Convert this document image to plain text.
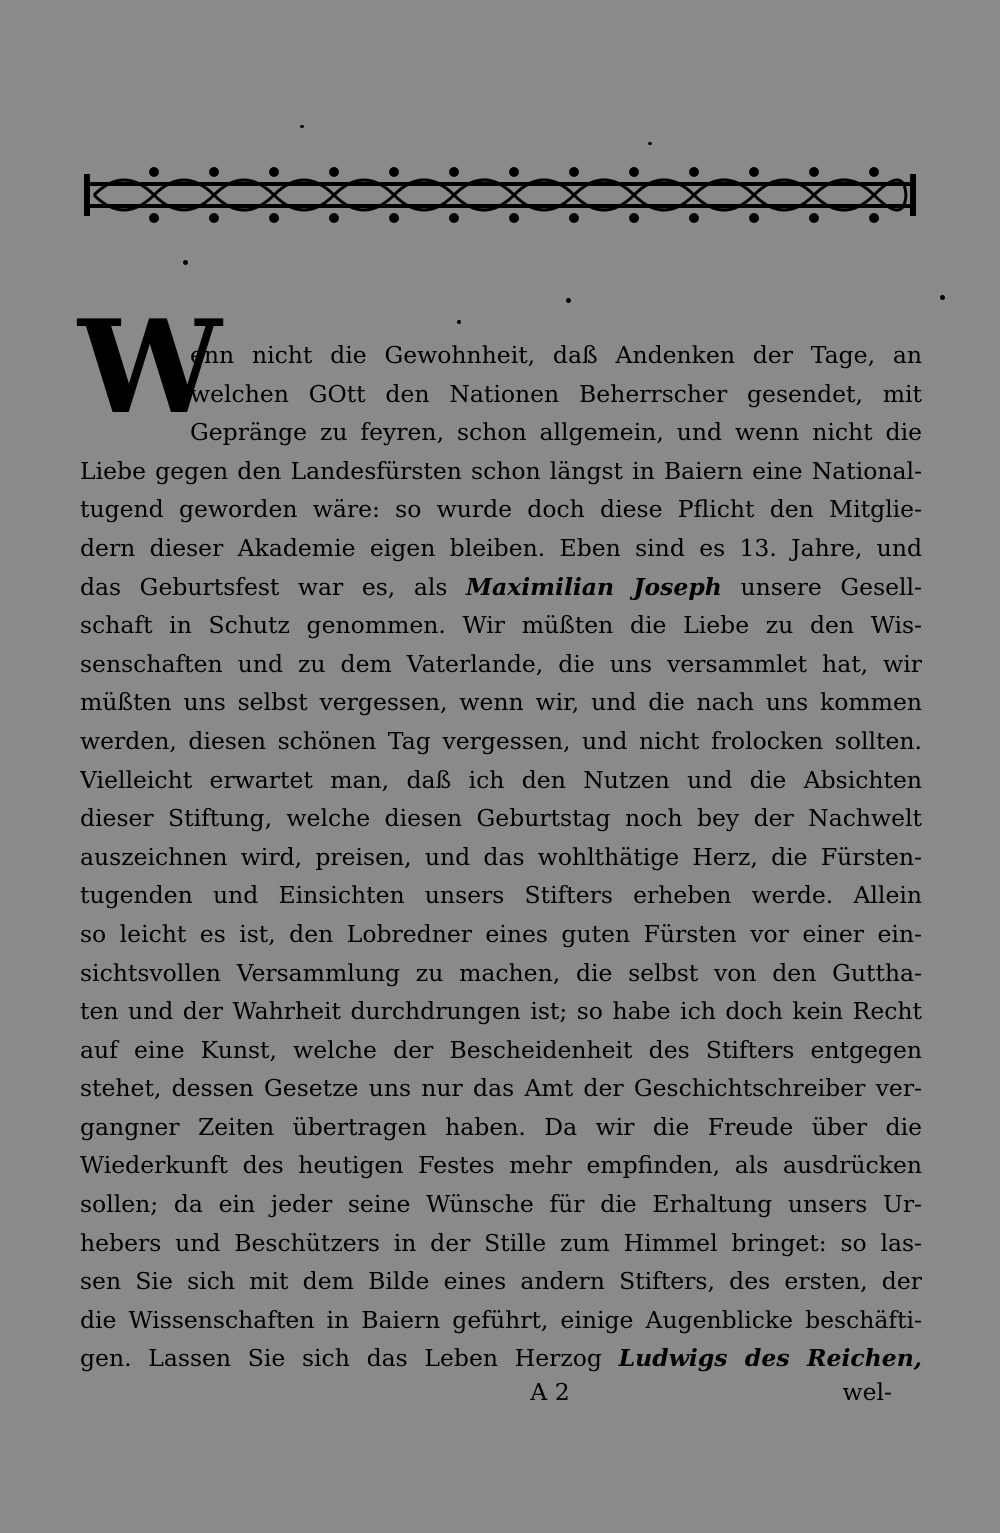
W
enn nicht die Gewohnheit, daß Andenken der Tage, an
welchen GOtt den Nationen Beherrscher gesendet, mit
Gepränge zu feyren, schon allgemein, und wenn nicht die
Liebe gegen den Landesfürsten schon längst in Baiern eine National-
tugend geworden wäre: so wurde doch diese Pflicht den Mitglie-
dern dieser Akademie eigen bleiben. Eben sind es 13. Jahre, und
das Geburtsfest war es, als Maximilian Joseph unsere Gesell-
schaft in Schutz genommen. Wir müßten die Liebe zu den Wis-
senschaften und zu dem Vaterlande, die uns versammlet hat, wir
müßten uns selbst vergessen, wenn wir, und die nach uns kommen
werden, diesen schönen Tag vergessen, und nicht frolocken sollten.
Vielleicht erwartet man, daß ich den Nutzen und die Absichten
dieser Stiftung, welche diesen Geburtstag noch bey der Nachwelt
auszeichnen wird, preisen, und das wohlthätige Herz, die Fürsten-
tugenden und Einsichten unsers Stifters erheben werde. Allein
so leicht es ist, den Lobredner eines guten Fürsten vor einer ein-
sichtsvollen Versammlung zu machen, die selbst von den Guttha-
ten und der Wahrheit durchdrungen ist; so habe ich doch kein Recht
auf eine Kunst, welche der Bescheidenheit des Stifters entgegen
stehet, dessen Gesetze uns nur das Amt der Geschichtschreiber ver-
gangner Zeiten übertragen haben. Da wir die Freude über die
Wiederkunft des heutigen Festes mehr empfinden, als ausdrücken
sollen; da ein jeder seine Wünsche für die Erhaltung unsers Ur-
hebers und Beschützers in der Stille zum Himmel bringet: so las-
sen Sie sich mit dem Bilde eines andern Stifters, des ersten, der
die Wissenschaften in Baiern geführt, einige Augenblicke beschäfti-
gen. Lassen Sie sich das Leben Herzog Ludwigs des Reichen,
A 2	wel-
